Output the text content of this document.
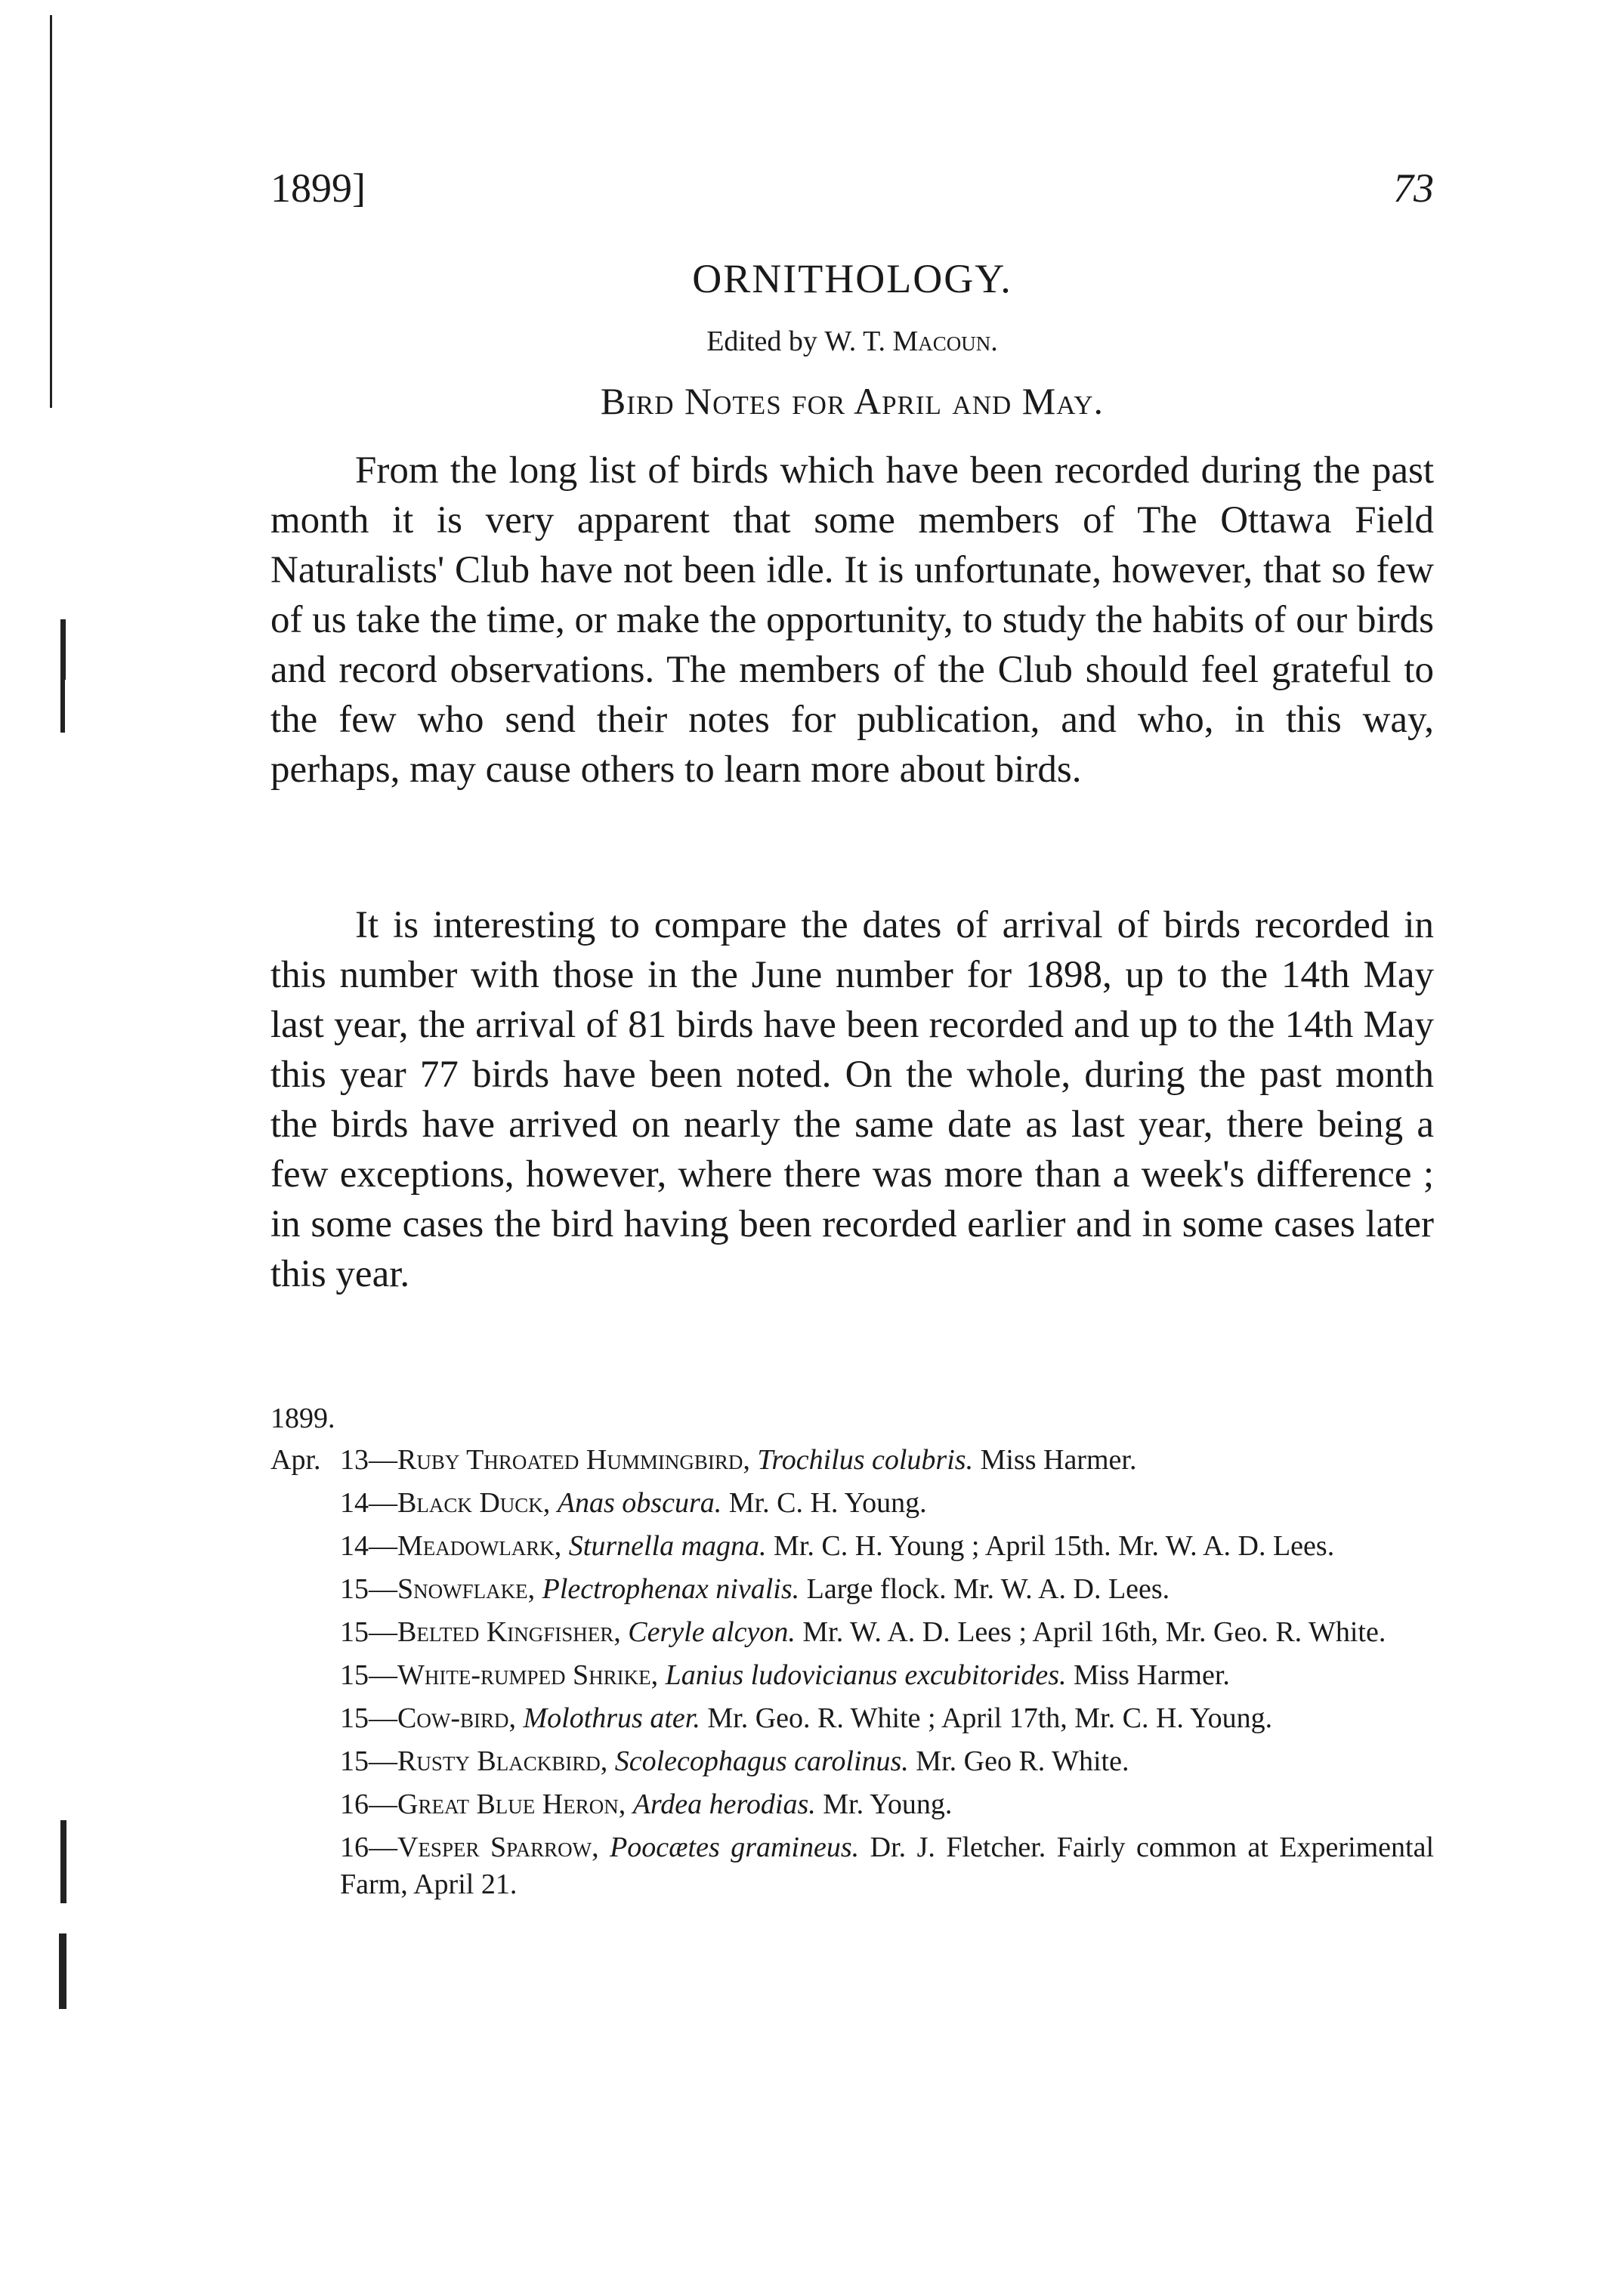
1899]	73
ORNITHOLOGY.
Edited by W. T. Macoun.
Bird Notes for April and May.

From the long list of birds which have been recorded during the past month it is very apparent that some members of The Ottawa Field Naturalists' Club have not been idle. It is unfortunate, however, that so few of us take the time, or make the opportunity, to study the habits of our birds and record observations. The members of the Club should feel grateful to the few who send their notes for publication, and who, in this way, perhaps, may cause others to learn more about birds.

It is interesting to compare the dates of arrival of birds recorded in this number with those in the June number for 1898, up to the 14th May last year, the arrival of 81 birds have been recorded and up to the 14th May this year 77 birds have been noted. On the whole, during the past month the birds have arrived on nearly the same date as last year, there being a few exceptions, however, where there was more than a week's difference ; in some cases the bird having been recorded earlier and in some cases later this year.

1899.
Apr. 13—Ruby Throated Hummingbird, Trochilus colubris. Miss Harmer.
14—Black Duck, Anas obscura. Mr. C. H. Young.
14—Meadowlark, Sturnella magna. Mr. C. H. Young ; April 15th. Mr. W. A. D. Lees.
15—Snowflake, Plectrophenax nivalis. Large flock. Mr. W. A. D. Lees.
15—Belted Kingfisher, Ceryle alcyon. Mr. W. A. D. Lees ; April 16th, Mr. Geo. R. White.
15—White-rumped Shrike, Lanius ludovicianus excubitorides. Miss Harmer.
15—Cow-bird, Molothrus ater. Mr. Geo. R. White ; April 17th, Mr. C. H. Young.
15—Rusty Blackbird, Scolecophagus carolinus. Mr. Geo R. White.
16—Great Blue Heron, Ardea herodias. Mr. Young.
16—Vesper Sparrow, Poocætes gramineus. Dr. J. Fletcher. Fairly common at Experimental Farm, April 21.
